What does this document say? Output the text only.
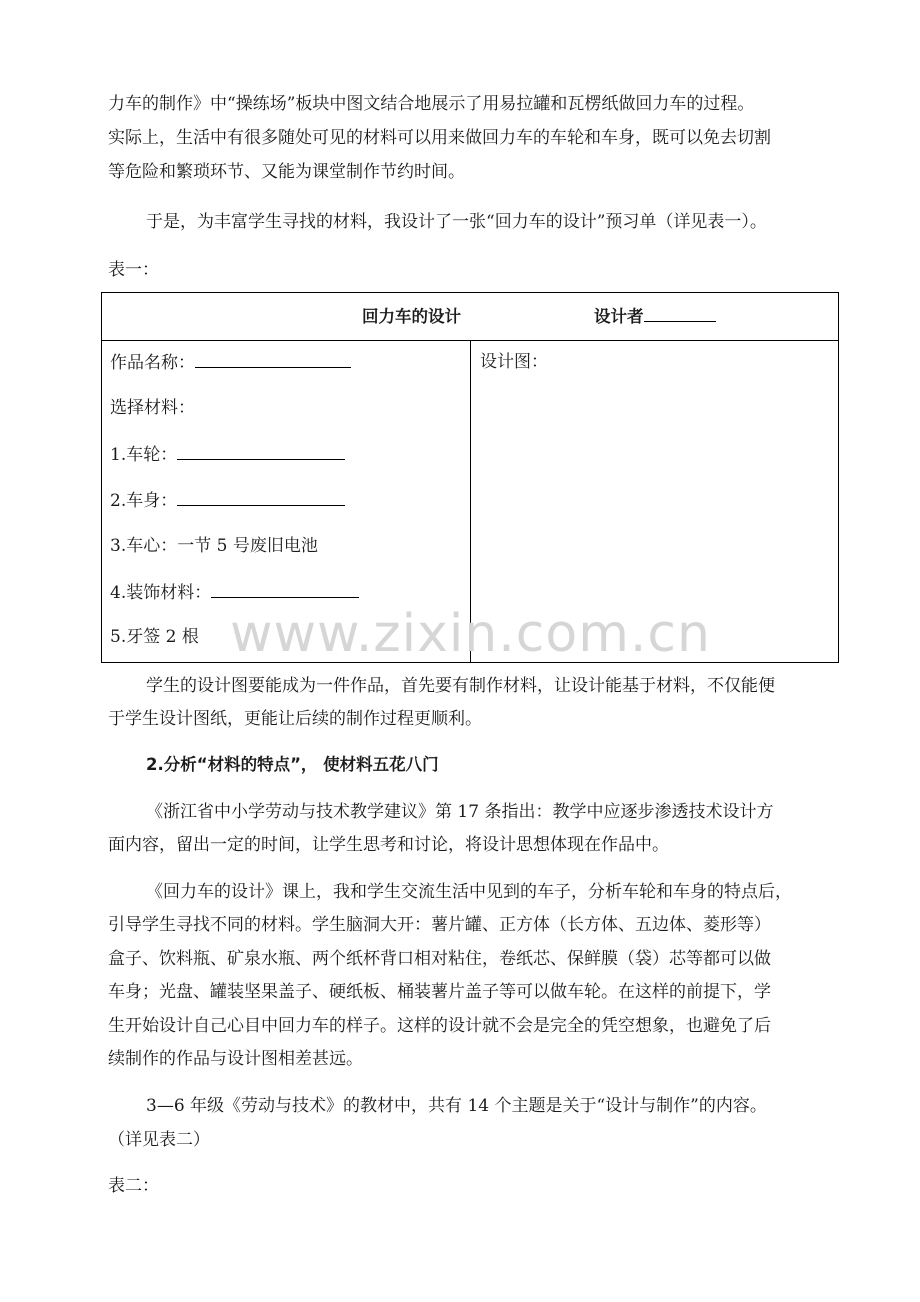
力车的制作》中“操练场”板块中图文结合地展示了用易拉罐和瓦楞纸做回力车的过程。
实际上，生活中有很多随处可见的材料可以用来做回力车的车轮和车身，既可以免去切割
等危险和繁琐环节、又能为课堂制作节约时间。
于是，为丰富学生寻找的材料，我设计了一张“回力车的设计”预习单（详见表一）。
表一：
回力车的设计	设计者
作品名称：
选择材料：
1.车轮：
2.车身：
3.车心：一节 5 号废旧电池
4.装饰材料：
5.牙签 2 根
设计图：
www.zixin.com.cn
学生的设计图要能成为一件作品，首先要有制作材料，让设计能基于材料，不仅能便
于学生设计图纸，更能让后续的制作过程更顺利。
2.分析“材料的特点”， 使材料五花八门
《浙江省中小学劳动与技术教学建议》第 17 条指出：教学中应逐步渗透技术设计方
面内容，留出一定的时间，让学生思考和讨论，将设计思想体现在作品中。
《回力车的设计》课上，我和学生交流生活中见到的车子，分析车轮和车身的特点后，
引导学生寻找不同的材料。学生脑洞大开：薯片罐、正方体（长方体、五边体、菱形等）
盒子、饮料瓶、矿泉水瓶、两个纸杯背口相对粘住，卷纸芯、保鲜膜（袋）芯等都可以做
车身；光盘、罐装坚果盖子、硬纸板、桶装薯片盖子等可以做车轮。在这样的前提下，学
生开始设计自己心目中回力车的样子。这样的设计就不会是完全的凭空想象，也避免了后
续制作的作品与设计图相差甚远。
3—6 年级《劳动与技术》的教材中，共有 14 个主题是关于“设计与制作”的内容。
（详见表二）
表二：
